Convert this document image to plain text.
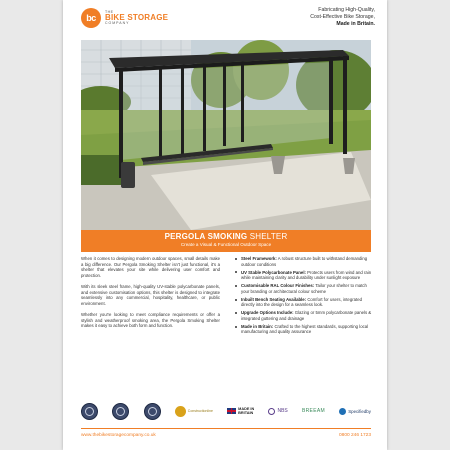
bc
THE
BIKE STORAGE
COMPANY
Fabricating High-Quality,
Cost-Effective Bike Storage,
Made in Britain.
PERGOLA SMOKING SHELTER
Create a Visual & Functional Outdoor Space

When it comes to designing modern outdoor spaces, small details make a big difference. Our Pergola Smoking Shelter isn't just functional, it's a shelter that elevates your site while delivering user comfort and protection.

With its sleek steel frame, high-quality UV-stable polycarbonate panels, and extensive customisation options, this shelter is designed to integrate seamlessly into any commercial, hospitality, healthcare, or public environment.

Whether you're looking to meet compliance requirements or offer a stylish and weatherproof smoking area, the Pergola Smoking Shelter makes it easy to achieve both form and function.

Steel Framework: A robust structure built to withstand demanding outdoor conditions
UV Stable Polycarbonate Panel: Protects users from wind and rain while maintaining clarity and durability under sunlight exposure
Customisable RAL Colour Finishes: Tailor your shelter to match your branding or architectural colour scheme
Inbuilt Bench Seating Available: Comfort for users, integrated directly into the design for a seamless look.
Upgrade Options Include: Glazing or 5mm polycarbonate panels & integrated guttering and drainage
Made in Britain: Crafted to the highest standards, supporting local manufacturing and quality assurance
Constructionline	MADE IN
BRITAIN	NBS	BREEAM	Specifiedby
www.thebikestoragecompany.co.uk	0800 246 1723
